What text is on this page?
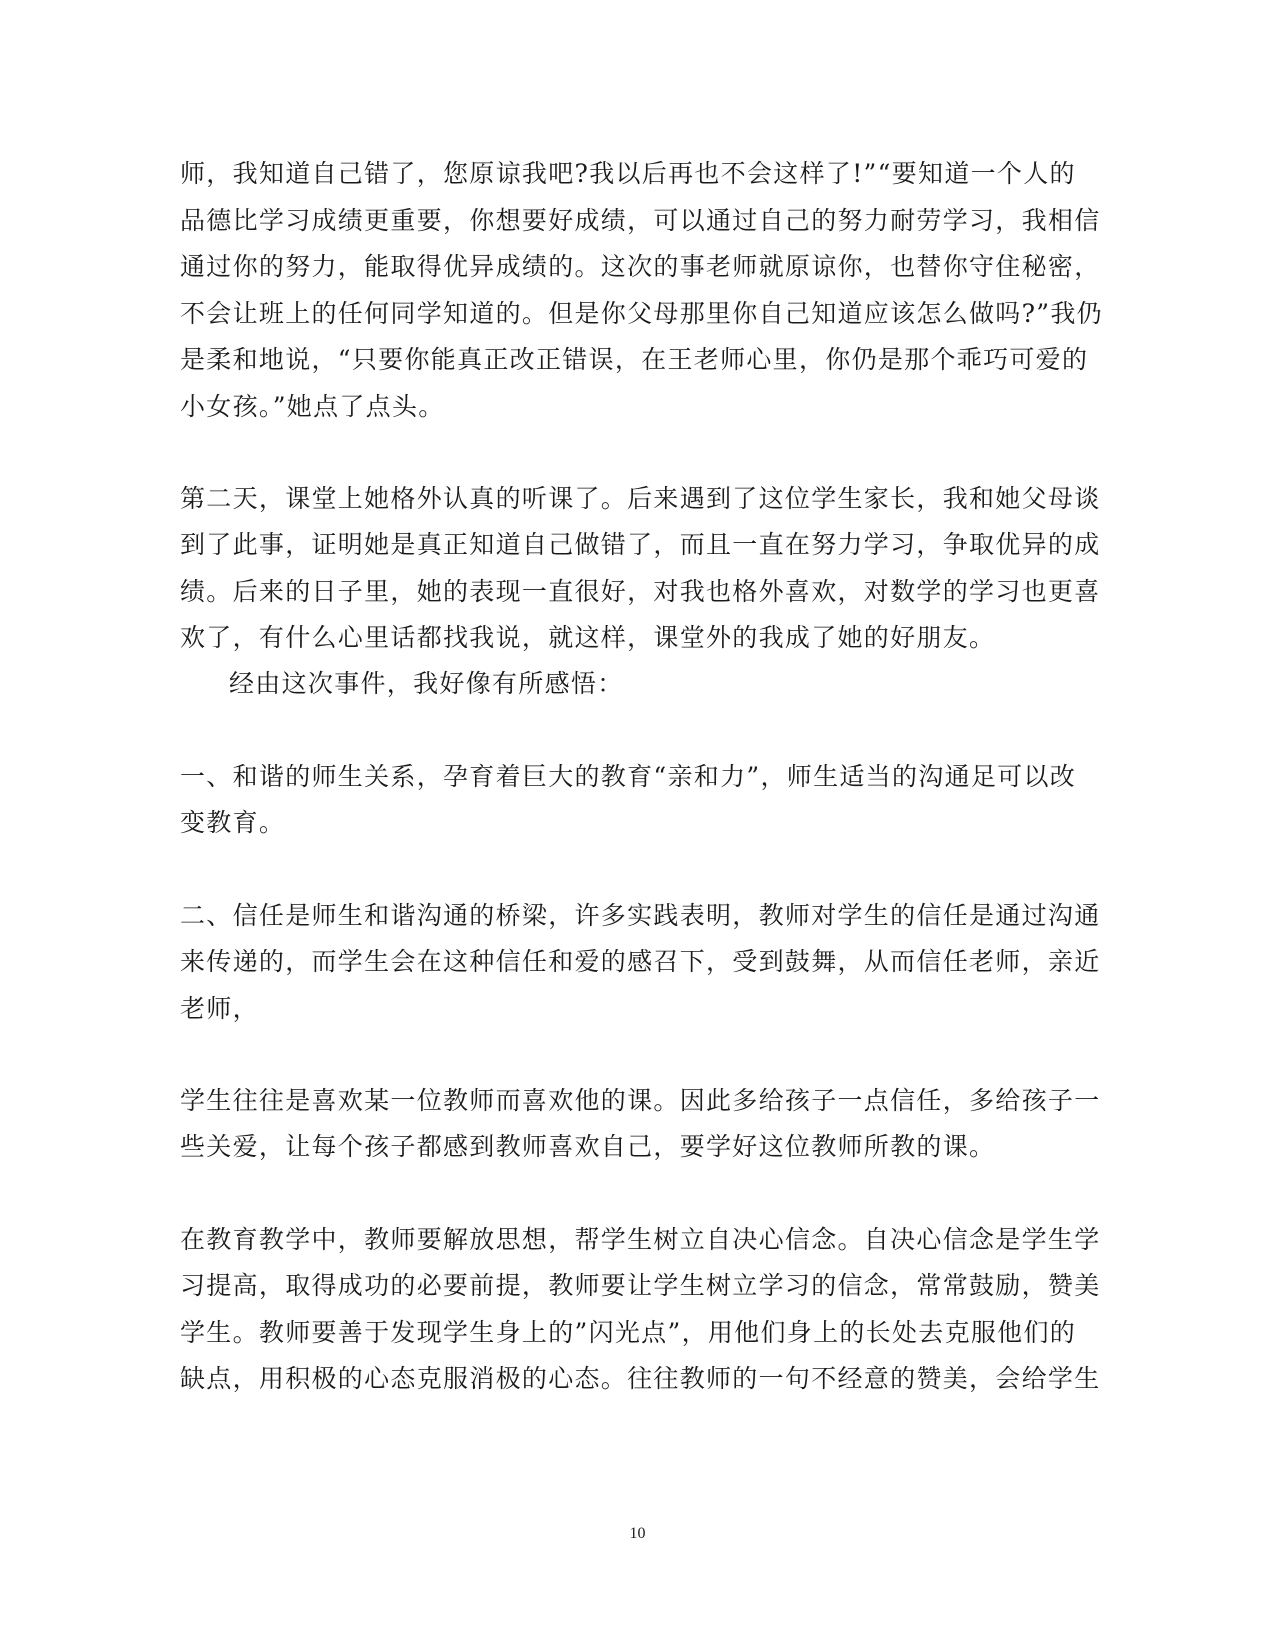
师，我知道自己错了，您原谅我吧?我以后再也不会这样了!”“要知道一个人的
品德比学习成绩更重要，你想要好成绩，可以通过自己的努力耐劳学习，我相信
通过你的努力，能取得优异成绩的。这次的事老师就原谅你，也替你守住秘密，
不会让班上的任何同学知道的。但是你父母那里你自己知道应该怎么做吗?”我仍
是柔和地说，“只要你能真正改正错误，在王老师心里，你仍是那个乖巧可爱的
小女孩。”她点了点头。
第二天，课堂上她格外认真的听课了。后来遇到了这位学生家长，我和她父母谈
到了此事，证明她是真正知道自己做错了，而且一直在努力学习，争取优异的成
绩。后来的日子里，她的表现一直很好，对我也格外喜欢，对数学的学习也更喜
欢了，有什么心里话都找我说，就这样，课堂外的我成了她的好朋友。
经由这次事件，我好像有所感悟：
一、和谐的师生关系，孕育着巨大的教育“亲和力”，师生适当的沟通足可以改
变教育。
二、信任是师生和谐沟通的桥梁，许多实践表明，教师对学生的信任是通过沟通
来传递的，而学生会在这种信任和爱的感召下，受到鼓舞，从而信任老师，亲近
老师，
学生往往是喜欢某一位教师而喜欢他的课。因此多给孩子一点信任，多给孩子一
些关爱，让每个孩子都感到教师喜欢自己，要学好这位教师所教的课。
在教育教学中，教师要解放思想，帮学生树立自决心信念。自决心信念是学生学
习提高，取得成功的必要前提，教师要让学生树立学习的信念，常常鼓励，赞美
学生。教师要善于发现学生身上的”闪光点”，用他们身上的长处去克服他们的
缺点，用积极的心态克服消极的心态。往往教师的一句不经意的赞美，会给学生
10
